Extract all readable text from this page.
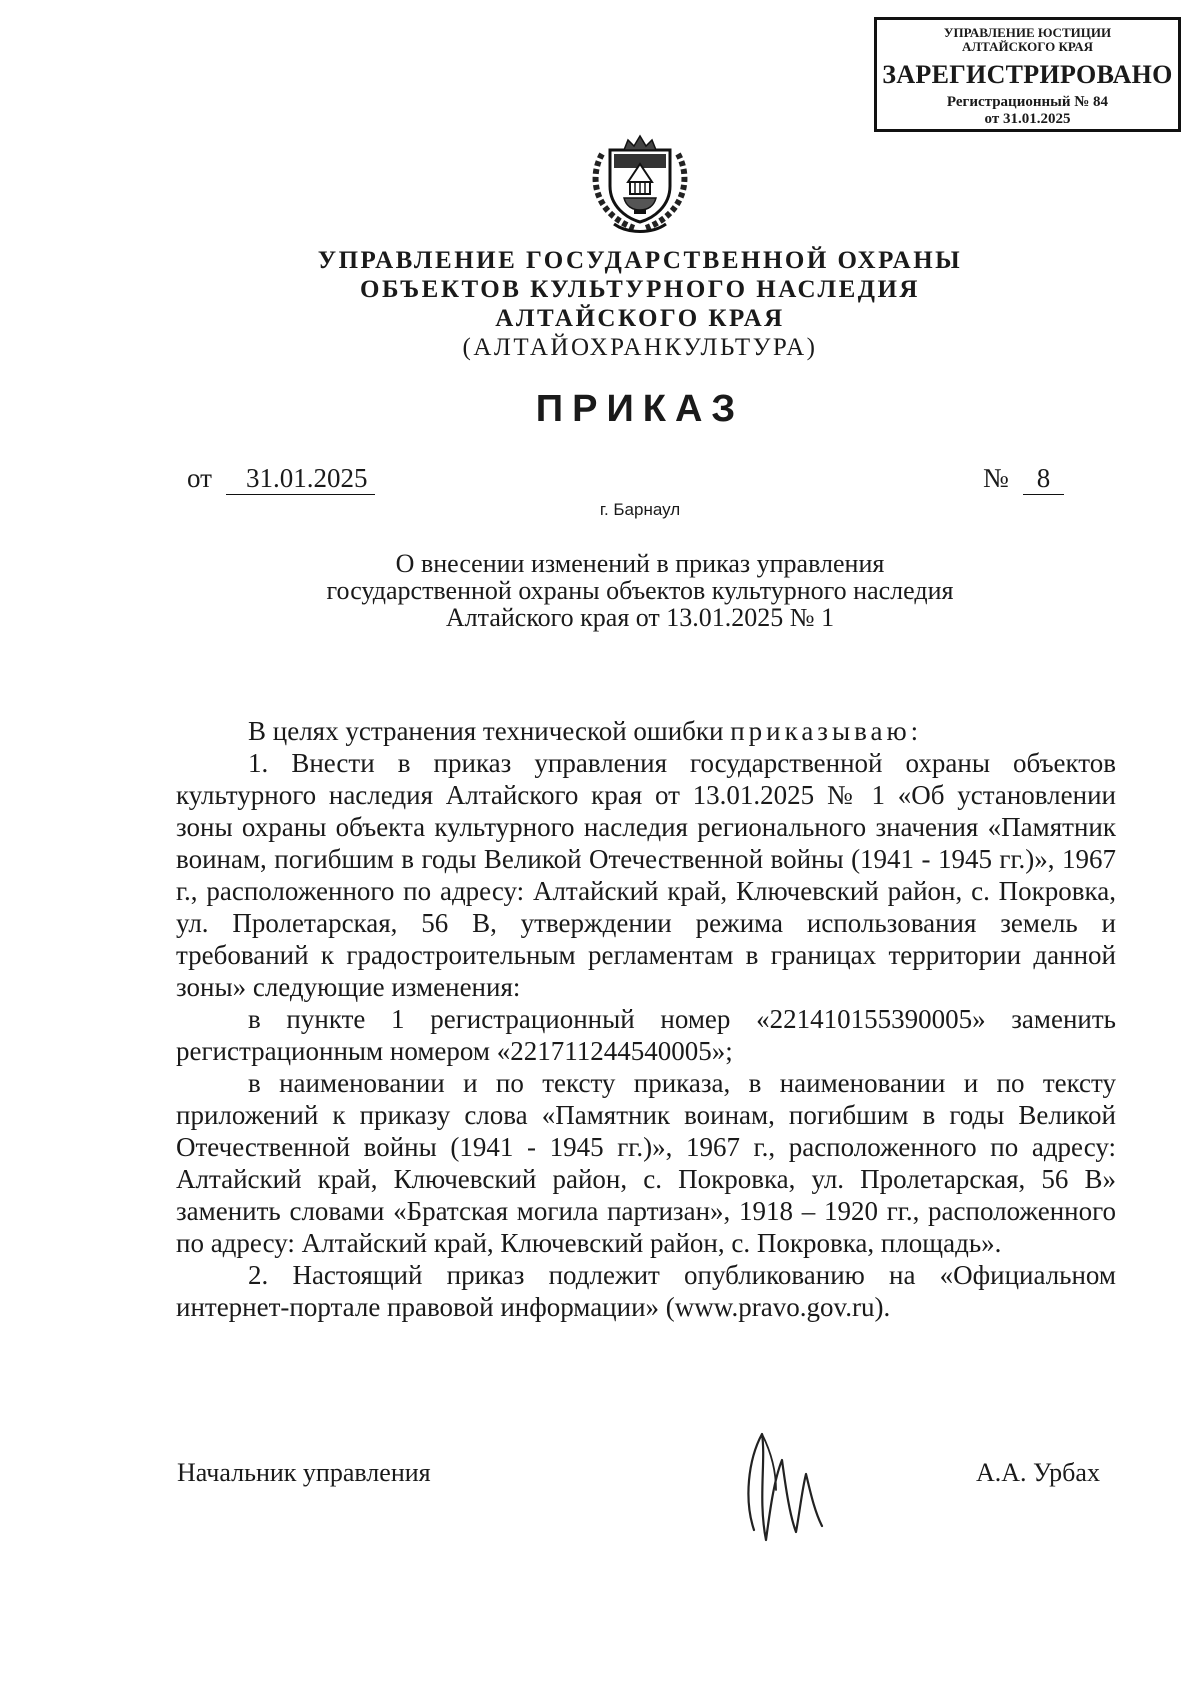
УПРАВЛЕНИЕ ЮСТИЦИИ
АЛТАЙСКОГО КРАЯ
ЗАРЕГИСТРИРОВАНО
Регистрационный № 84
от 31.01.2025
УПРАВЛЕНИЕ ГОСУДАРСТВЕННОЙ ОХРАНЫ
ОБЪЕКТОВ КУЛЬТУРНОГО НАСЛЕДИЯ
АЛТАЙСКОГО КРАЯ
(АЛТАЙОХРАНКУЛЬТУРА)
ПРИКАЗ
от 31.01.2025	№ 8
г. Барнаул
О внесении изменений в приказ управления
государственной охраны объектов культурного наследия
Алтайского края от 13.01.2025 № 1

В целях устранения технической ошибки приказываю:

1. Внести в приказ управления государственной охраны объектов культурного наследия Алтайского края от 13.01.2025 № 1 «Об установлении зоны охраны объекта культурного наследия регионального значения «Памятник воинам, погибшим в годы Великой Отечественной войны (1941 - 1945 гг.)», 1967 г., расположенного по адресу: Алтайский край, Ключевский район, с. Покровка, ул. Пролетарская, 56 В, утверждении режима использования земель и требований к градостроительным регламентам в границах территории данной зоны» следующие изменения:

в пункте 1 регистрационный номер «221410155390005» заменить регистрационным номером «221711244540005»;

в наименовании и по тексту приказа, в наименовании и по тексту приложений к приказу слова «Памятник воинам, погибшим в годы Великой Отечественной войны (1941 - 1945 гг.)», 1967 г., расположенного по адресу: Алтайский край, Ключевский район, с. Покровка, ул. Пролетарская, 56 В» заменить словами «Братская могила партизан», 1918 – 1920 гг., расположенного по адресу: Алтайский край, Ключевский район, с. Покровка, площадь».

2. Настоящий приказ подлежит опубликованию на «Официальном интернет-портале правовой информации» (www.pravo.gov.ru).

Начальник управления	А.А. Урбах
